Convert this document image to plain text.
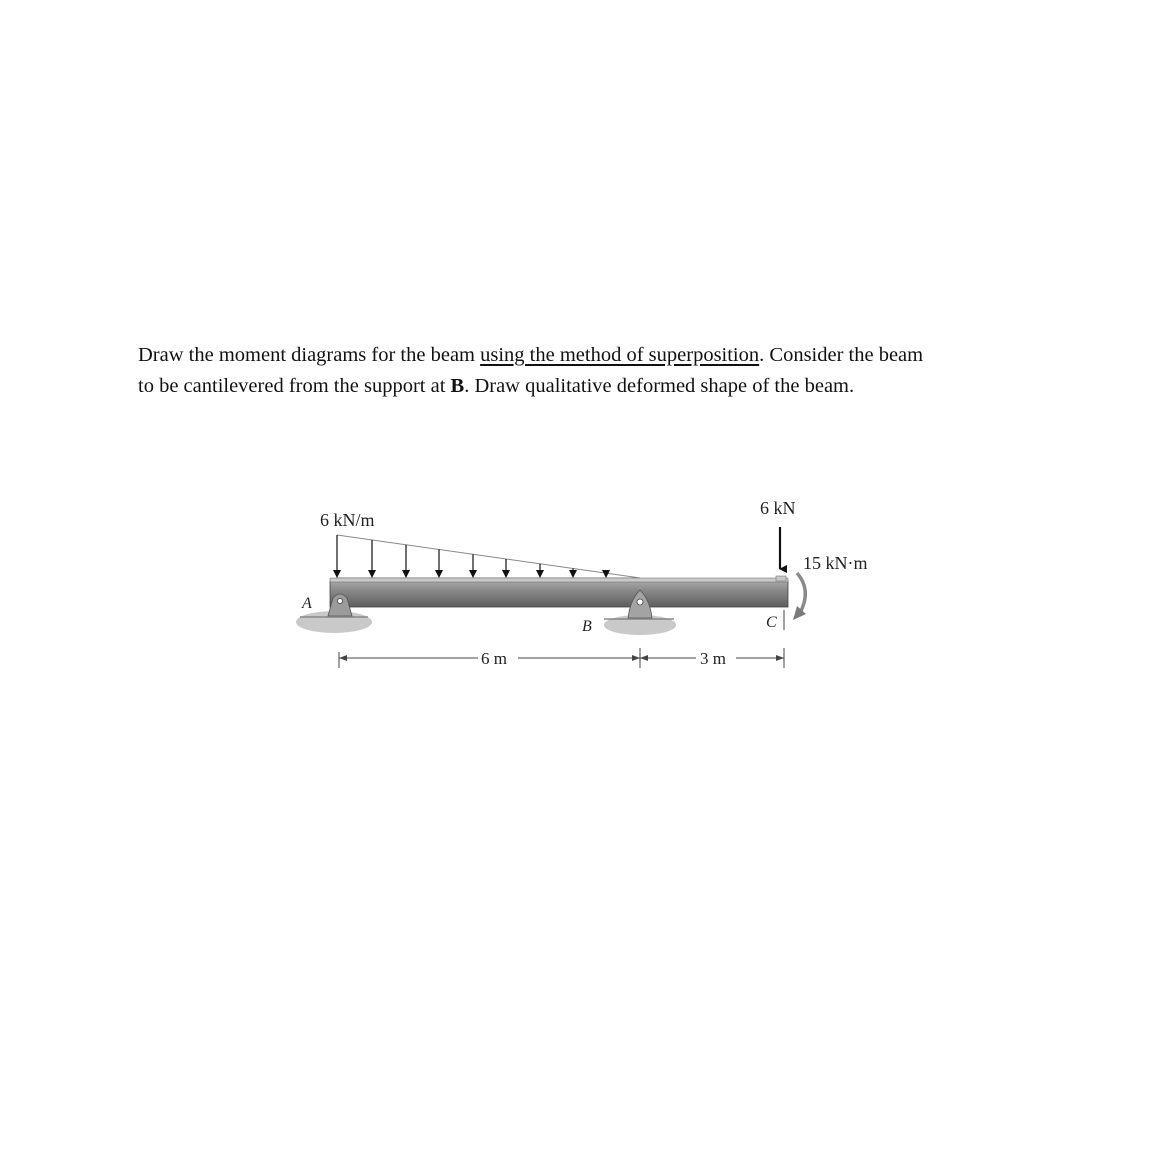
Draw the moment diagrams for the beam using the method of superposition. Consider the beam
to be cantilevered from the support at B. Draw qualitative deformed shape of the beam.
6 kN/m
6 kN
15 kN·m
A
B	C
6 m	3 m
